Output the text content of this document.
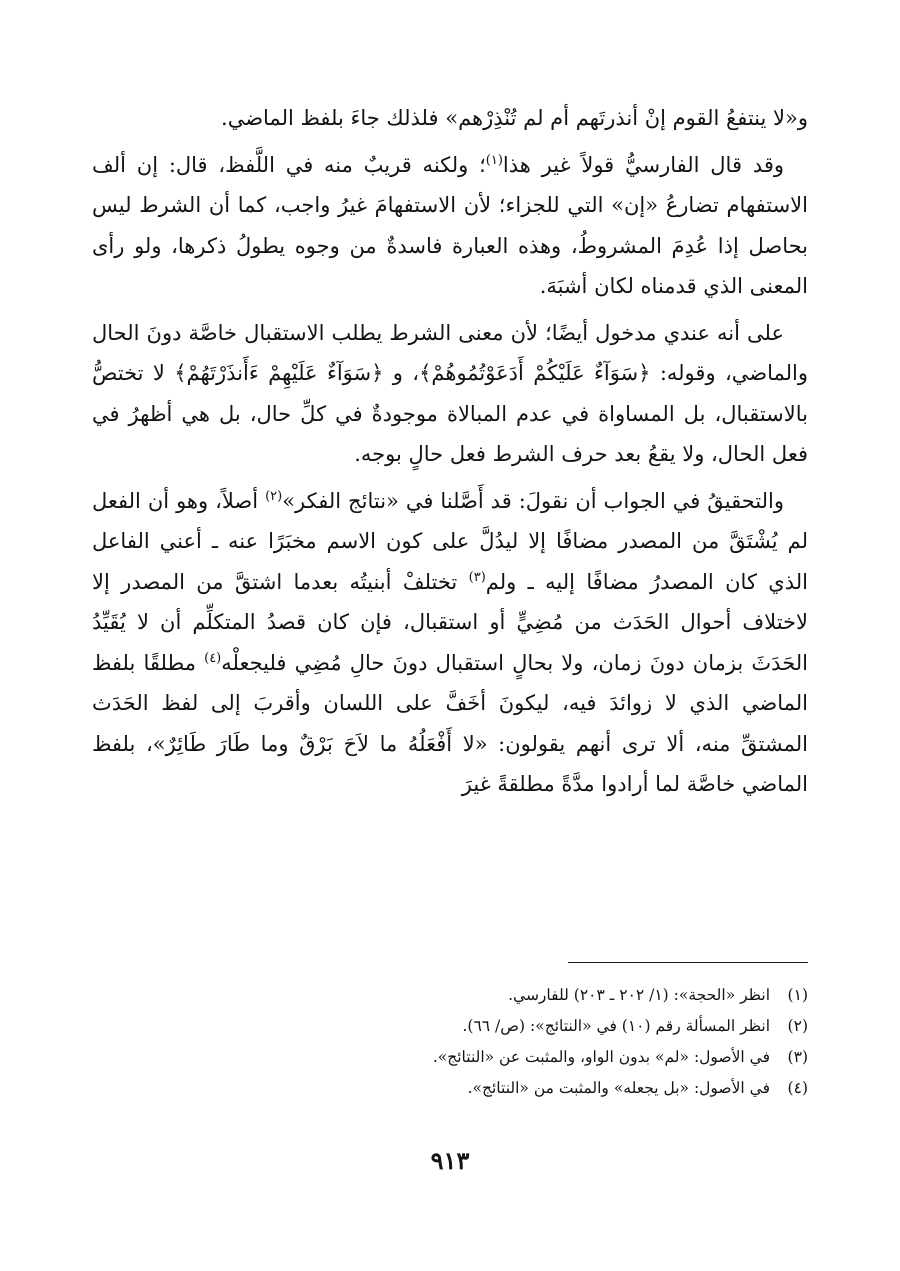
و«لا ينتفعُ القوم إنْ أنذرتَهم أم لم تُنْذِرْهم» فلذلك جاءَ بلفظ الماضي.

وقد قال الفارسيُّ قولاً غير هذا$^{(١)}$؛ ولكنه قريبٌ منه في اللَّفظ، قال: إن ألف الاستفهام تضارعُ «إن» التي للجزاء؛ لأن الاستفهامَ غيرُ واجب، كما أن الشرط ليس بحاصل إذا عُدِمَ المشروطُ، وهذه العبارة فاسدةٌ من وجوه يطولُ ذكرها، ولو رأى المعنى الذي قدمناه لكان أشبَهَ.

على أنه عندي مدخول أيضًا؛ لأن معنى الشرط يطلب الاستقبال خاصَّة دونَ الحال والماضي، وقوله: ﴿سَوَآءٌ عَلَيْكُمْ أَدَعَوْتُمُوهُمْ﴾، و ﴿سَوَآءٌ عَلَيْهِمْ ءَأَنذَرْتَهُمْ﴾ لا تختصُّ بالاستقبال، بل المساواة في عدم المبالاة موجودةٌ في كلِّ حال، بل هي أظهرُ في فعل الحال، ولا يقعُ بعد حرف الشرط فعل حالٍ بوجه.

والتحقيقُ في الجواب أن نقولَ: قد أَصَّلنا في «نتائج الفكر»$^{(٢)}$ أصلاً، وهو أن الفعل لم يُشْتَقَّ من المصدر مضافًا إلا ليدُلَّ على كون الاسم مخبَرًا عنه ـ أعني الفاعل الذي كان المصدرُ مضافًا إليه ـ ولم$^{(٣)}$ تختلفْ أبنيتُه بعدما اشتقَّ من المصدر إلا لاختلاف أحوال الحَدَث من مُضِيٍّ أو استقبال، فإن كان قصدُ المتكلِّم أن لا يُقَيِّدُ الحَدَثَ بزمان دونَ زمان، ولا بحالٍ استقبال دونَ حالِ مُضِي فليجعلْه$^{(٤)}$ مطلقًا بلفظ الماضي الذي لا زوائدَ فيه، ليكونَ أخَفَّ على اللسان وأقربَ إلى لفظ الحَدَث المشتقِّ منه، ألا ترى أنهم يقولون: «لا أَفْعَلُهُ ما لاَحَ بَرْقٌ وما طَارَ طَائِرٌ»، بلفظ الماضي خاصَّة لما أرادوا مدَّةً مطلقةً غيرَ

(١)
انظر «الحجة»: (١/ ٢٠٢ ـ ٢٠٣) للفارسي.
(٢)
انظر المسألة رقم (١٠) في «النتائج»: (ص/ ٦٦).
(٣)
في الأصول: «لم» بدون الواو، والمثبت عن «النتائج».
(٤)
في الأصول: «بل يجعله» والمثبت من «النتائج».
٩١٣
